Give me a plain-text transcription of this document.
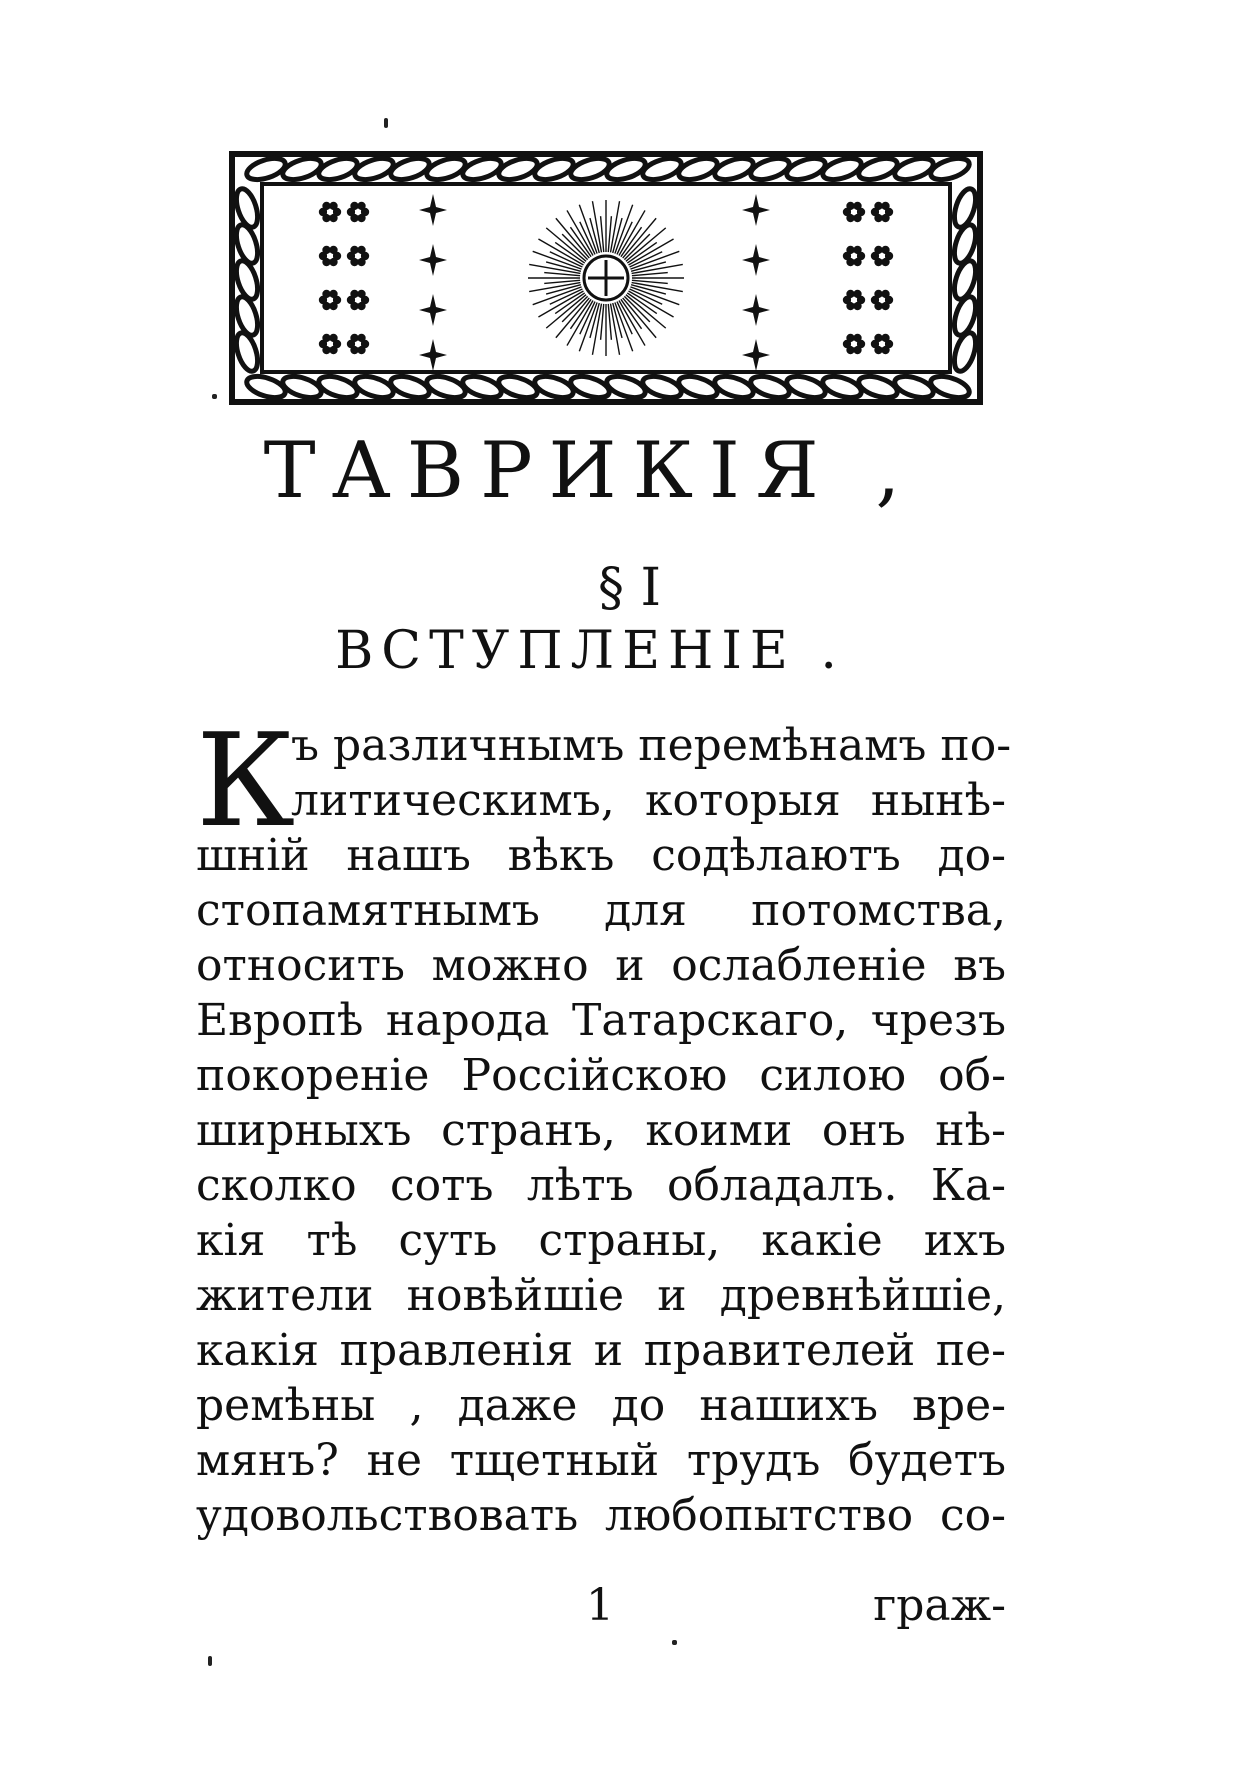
ТАВРИКІЯ ,
§ I
ВСТУПЛЕНІЕ .
К
ъ различнымъ перемѣнамъ по-
литическимъ, которыя нынѣ-
шній нашъ вѣкъ содѣлаютъ до-
стопамятнымъ для потомства,
относить можно и ослабленіе въ
Европѣ народа Татарскаго, чрезъ
покореніе Россійскою силою об-
ширныхъ странъ, коими онъ нѣ-
сколко сотъ лѣтъ обладалъ. Ка-
кія тѣ суть страны, какіе ихъ
жители новѣйшіе и древнѣйшіе,
какія правленія и правителей пе-
ремѣны , даже до нашихъ вре-
мянъ? не тщетный трудъ будетъ
удовольствовать любопытство со-
1	граж-
